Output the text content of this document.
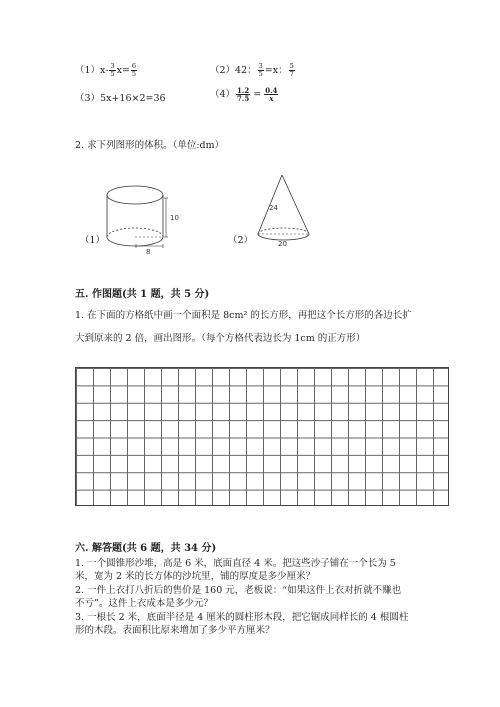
$(1)x- \frac{3}{5} x= \frac{6}{5}$	（2）42： $\frac{3}{5} =x$： $\frac{5}{7}$
（3）5x+16×2=36	$(4) \frac{1.2}{7.5} = \frac{0.4}{x}$
2. 求下列图形的体积。（单位:dm）
（1）	（2）
10
8
24
20
五. 作图题(共 1 题，共 5 分)
1. 在下面的方格纸中画一个面积是 8cm² 的长方形，再把这个长方形的各边长扩
大到原来的 2 倍，画出图形。（每个方格代表边长为 1cm 的正方形）
六. 解答题(共 6 题，共 34 分)
1. 一个圆锥形沙堆，高是 6 米，底面直径 4 米。把这些沙子铺在一个长为 5
米，宽为 2 米的长方体的沙坑里，铺的厚度是多少厘米？
2. 一件上衣打八折后的售价是 160 元，老板说：“如果这件上衣对折就不赚也
不亏”。这件上衣成本是多少元？
3. 一根长 2 米，底面半径是 4 厘米的圆柱形木段，把它锯成同样长的 4 根圆柱
形的木段。表面积比原来增加了多少平方厘米？
